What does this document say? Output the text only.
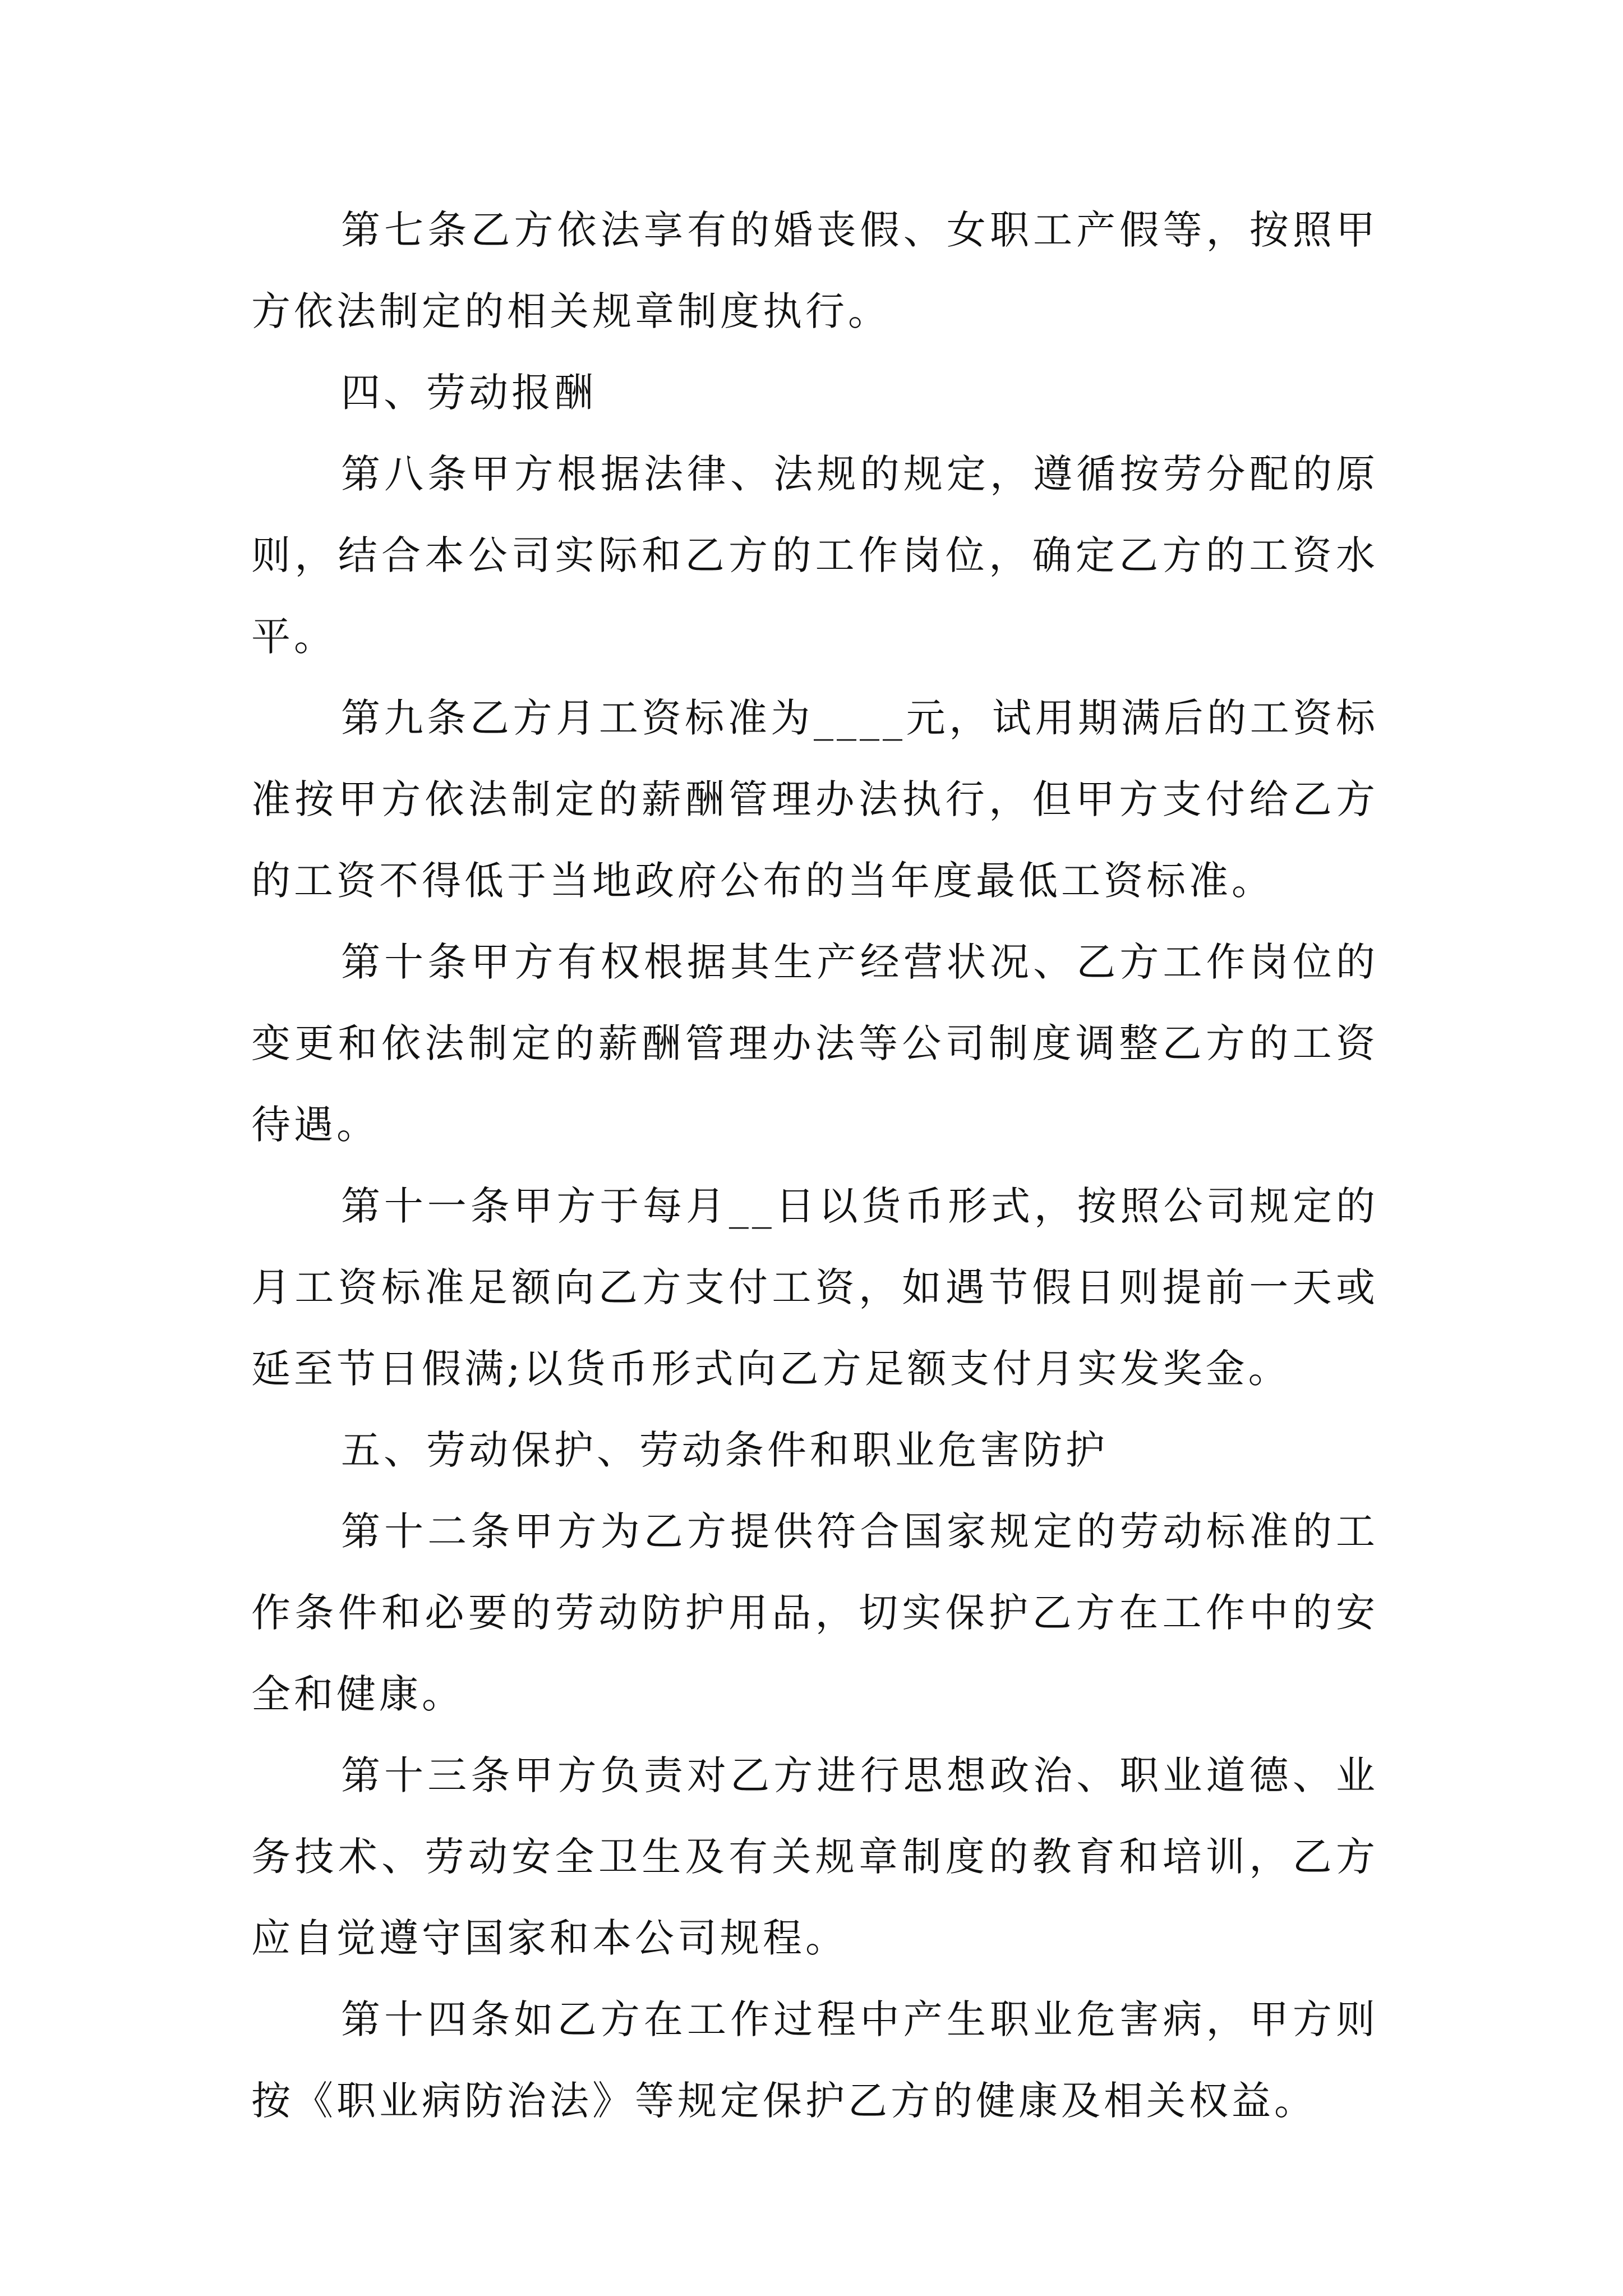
第七条乙方依法享有的婚丧假、女职工产假等，按照甲方依法制定的相关规章制度执行。

四、劳动报酬

第八条甲方根据法律、法规的规定，遵循按劳分配的原则，结合本公司实际和乙方的工作岗位，确定乙方的工资水平。

第九条乙方月工资标准为____元，试用期满后的工资标准按甲方依法制定的薪酬管理办法执行，但甲方支付给乙方的工资不得低于当地政府公布的当年度最低工资标准。

第十条甲方有权根据其生产经营状况、乙方工作岗位的变更和依法制定的薪酬管理办法等公司制度调整乙方的工资待遇。

第十一条甲方于每月__日以货币形式，按照公司规定的月工资标准足额向乙方支付工资，如遇节假日则提前一天或延至节日假满;以货币形式向乙方足额支付月实发奖金。

五、劳动保护、劳动条件和职业危害防护

第十二条甲方为乙方提供符合国家规定的劳动标准的工作条件和必要的劳动防护用品，切实保护乙方在工作中的安全和健康。

第十三条甲方负责对乙方进行思想政治、职业道德、业务技术、劳动安全卫生及有关规章制度的教育和培训，乙方应自觉遵守国家和本公司规程。

第十四条如乙方在工作过程中产生职业危害病，甲方则按《职业病防治法》等规定保护乙方的健康及相关权益。
